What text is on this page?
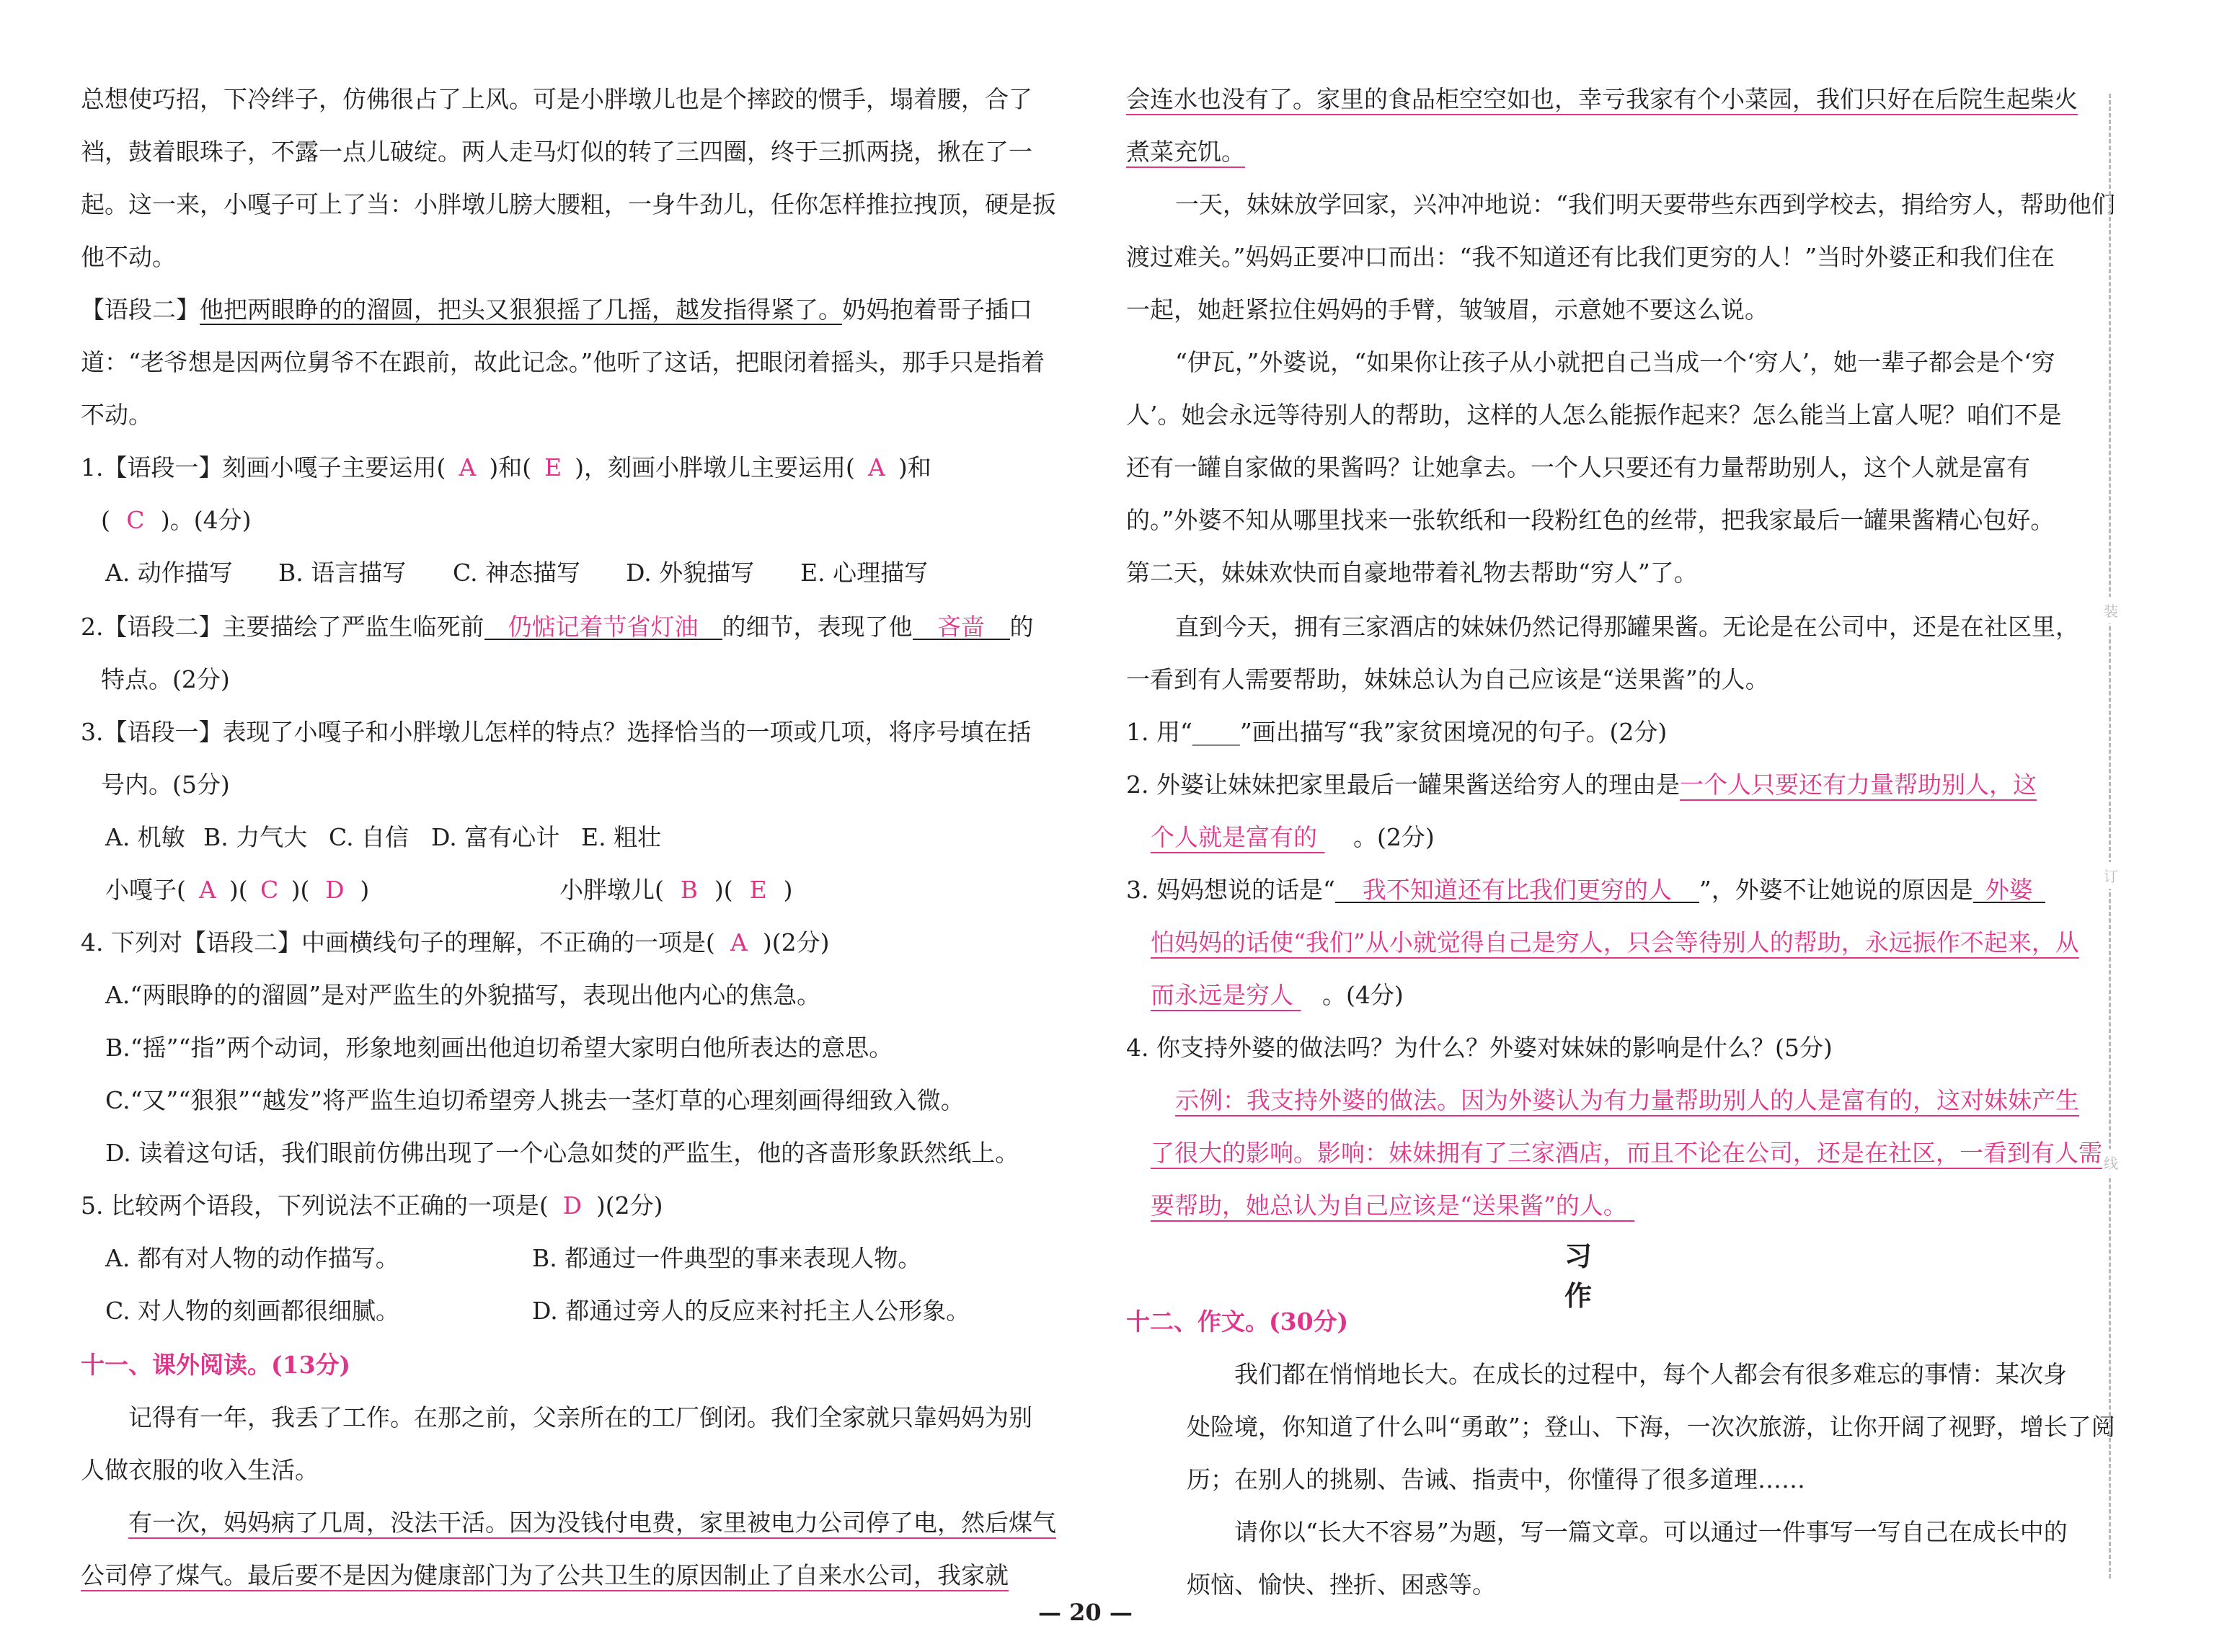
总想使巧招，下冷绊子，仿佛很占了上风。可是小胖墩儿也是个摔跤的惯手，塌着腰，合了
裆，鼓着眼珠子，不露一点儿破绽。两人走马灯似的转了三四圈，终于三抓两挠，揪在了一
起。这一来，小嘎子可上了当：小胖墩儿膀大腰粗，一身牛劲儿，任你怎样推拉拽顶，硬是扳
他不动。
【语段二】他把两眼睁的的溜圆，把头又狠狠摇了几摇，越发指得紧了。奶妈抱着哥子插口
道：“老爷想是因两位舅爷不在跟前，故此记念。”他听了这话，把眼闭着摇头，那手只是指着
不动。
1.【语段一】刻画小嘎子主要运用( A )和( E )，刻画小胖墩儿主要运用( A )和
( C )。(4分)
A. 动作描写 B. 语言描写 C. 神态描写 D. 外貌描写 E. 心理描写
2.【语段二】主要描绘了严监生临死前 仍惦记着节省灯油 的细节，表现了他 吝啬 的
特点。(2分)
3.【语段一】表现了小嘎子和小胖墩儿怎样的特点？选择恰当的一项或几项，将序号填在括
号内。(5分)
A. 机敏 B. 力气大 C. 自信 D. 富有心计 E. 粗壮
小嘎子( A )( C )( D )	小胖墩儿( B )( E )
4. 下列对【语段二】中画横线句子的理解，不正确的一项是( A )(2分)
A.“两眼睁的的溜圆”是对严监生的外貌描写，表现出他内心的焦急。
B.“摇”“指”两个动词，形象地刻画出他迫切希望大家明白他所表达的意思。
C.“又”“狠狠”“越发”将严监生迫切希望旁人挑去一茎灯草的心理刻画得细致入微。
D. 读着这句话，我们眼前仿佛出现了一个心急如焚的严监生，他的吝啬形象跃然纸上。
5. 比较两个语段，下列说法不正确的一项是( D )(2分)
A. 都有对人物的动作描写。	B. 都通过一件典型的事来表现人物。
C. 对人物的刻画都很细腻。	D. 都通过旁人的反应来衬托主人公形象。
十一、课外阅读。(13分)
记得有一年，我丢了工作。在那之前，父亲所在的工厂倒闭。我们全家就只靠妈妈为别
人做衣服的收入生活。
有一次，妈妈病了几周，没法干活。因为没钱付电费，家里被电力公司停了电，然后煤气
公司停了煤气。最后要不是因为健康部门为了公共卫生的原因制止了自来水公司，我家就
会连水也没有了。家里的食品柜空空如也，幸亏我家有个小菜园，我们只好在后院生起柴火
煮菜充饥。
一天，妹妹放学回家，兴冲冲地说：“我们明天要带些东西到学校去，捐给穷人，帮助他们
渡过难关。”妈妈正要冲口而出：“我不知道还有比我们更穷的人！”当时外婆正和我们住在
一起，她赶紧拉住妈妈的手臂，皱皱眉，示意她不要这么说。
“伊瓦，”外婆说，“如果你让孩子从小就把自己当成一个‘穷人’，她一辈子都会是个‘穷
人’。她会永远等待别人的帮助，这样的人怎么能振作起来？怎么能当上富人呢？咱们不是
还有一罐自家做的果酱吗？让她拿去。一个人只要还有力量帮助别人，这个人就是富有
的。”外婆不知从哪里找来一张软纸和一段粉红色的丝带，把我家最后一罐果酱精心包好。
第二天，妹妹欢快而自豪地带着礼物去帮助“穷人”了。
直到今天，拥有三家酒店的妹妹仍然记得那罐果酱。无论是在公司中，还是在社区里，
一看到有人需要帮助，妹妹总认为自己应该是“送果酱”的人。
1. 用“____”画出描写“我”家贫困境况的句子。(2分)
2. 外婆让妹妹把家里最后一罐果酱送给穷人的理由是一个人只要还有力量帮助别人，这
个人就是富有的 。(2分)
3. 妈妈想说的话是“ 我不知道还有比我们更穷的人 ”，外婆不让她说的原因是 外婆
怕妈妈的话使“我们”从小就觉得自己是穷人，只会等待别人的帮助，永远振作不起来，从
而永远是穷人 。(4分)
4. 你支持外婆的做法吗？为什么？外婆对妹妹的影响是什么？(5分)
示例：我支持外婆的做法。因为外婆认为有力量帮助别人的人是富有的，这对妹妹产生
了很大的影响。影响：妹妹拥有了三家酒店，而且不论在公司，还是在社区，一看到有人需
要帮助，她总认为自己应该是“送果酱”的人。
习作
十二、作文。(30分)
我们都在悄悄地长大。在成长的过程中，每个人都会有很多难忘的事情：某次身
处险境，你知道了什么叫“勇敢”；登山、下海，一次次旅游，让你开阔了视野，增长了阅
历；在别人的挑剔、告诫、指责中，你懂得了很多道理……
请你以“长大不容易”为题，写一篇文章。可以通过一件事写一写自己在成长中的
烦恼、愉快、挫折、困惑等。
装
订
线
— 20 —
